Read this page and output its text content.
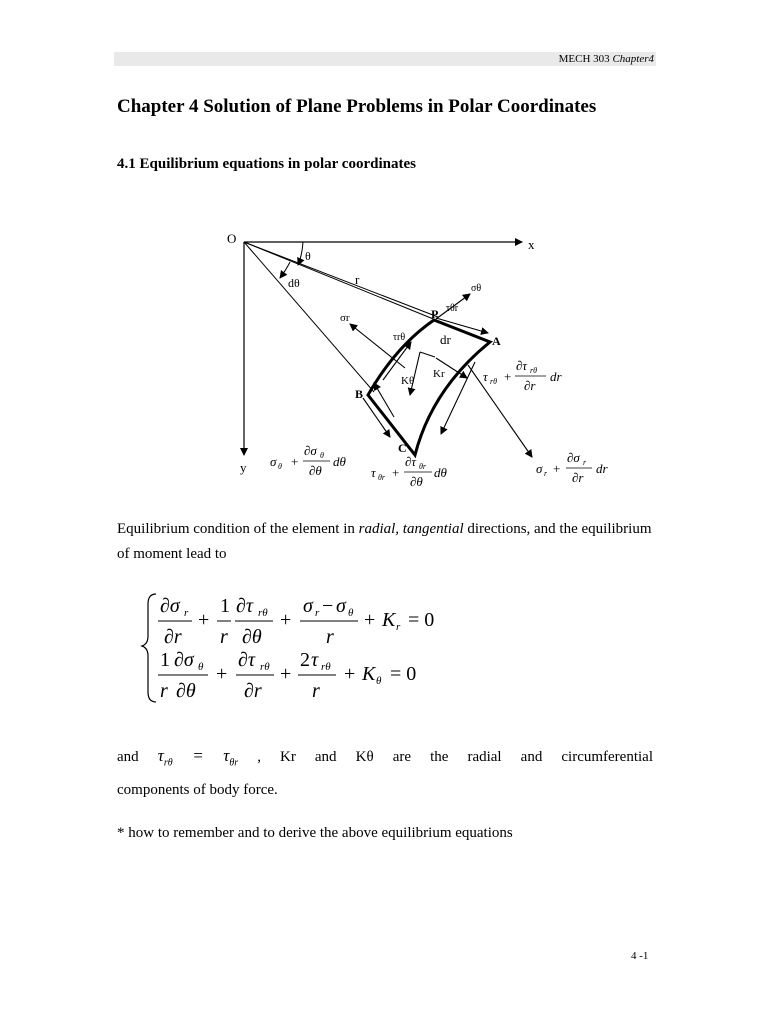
MECH 303 Chapter4
Chapter 4 Solution of Plane Problems in Polar Coordinates
4.1 Equilibrium equations in polar coordinates
O	x
y
θ
dθ	r
P
A
B
C
dr
σθ
τθr
σr
τrθ
Kr
Kθ	τ rθ +
∂τ rθ
∂r
dr
σ θ +
∂σ θ
∂θ
dθ
τ θr +
∂τ θr
∂θ
dθ	σ r +
∂σ r
∂r
dr
Equilibrium condition of the element in radial, tangential directions, and the equilibrium of moment lead to
∂σ r
∂r
+
1
r
∂τ rθ
∂θ
+
σ r − σ θ
r
+ K r = 0
1 ∂σ θ
r ∂θ
+
∂τ rθ
∂r
+
2 τ rθ
r
+ K θ = 0
and $\tau_{r\theta} = \tau_{\theta r}$ , Kr and Kθ are the radial and circumferential
components of body force.
* how to remember and to derive the above equilibrium equations
4 -1
